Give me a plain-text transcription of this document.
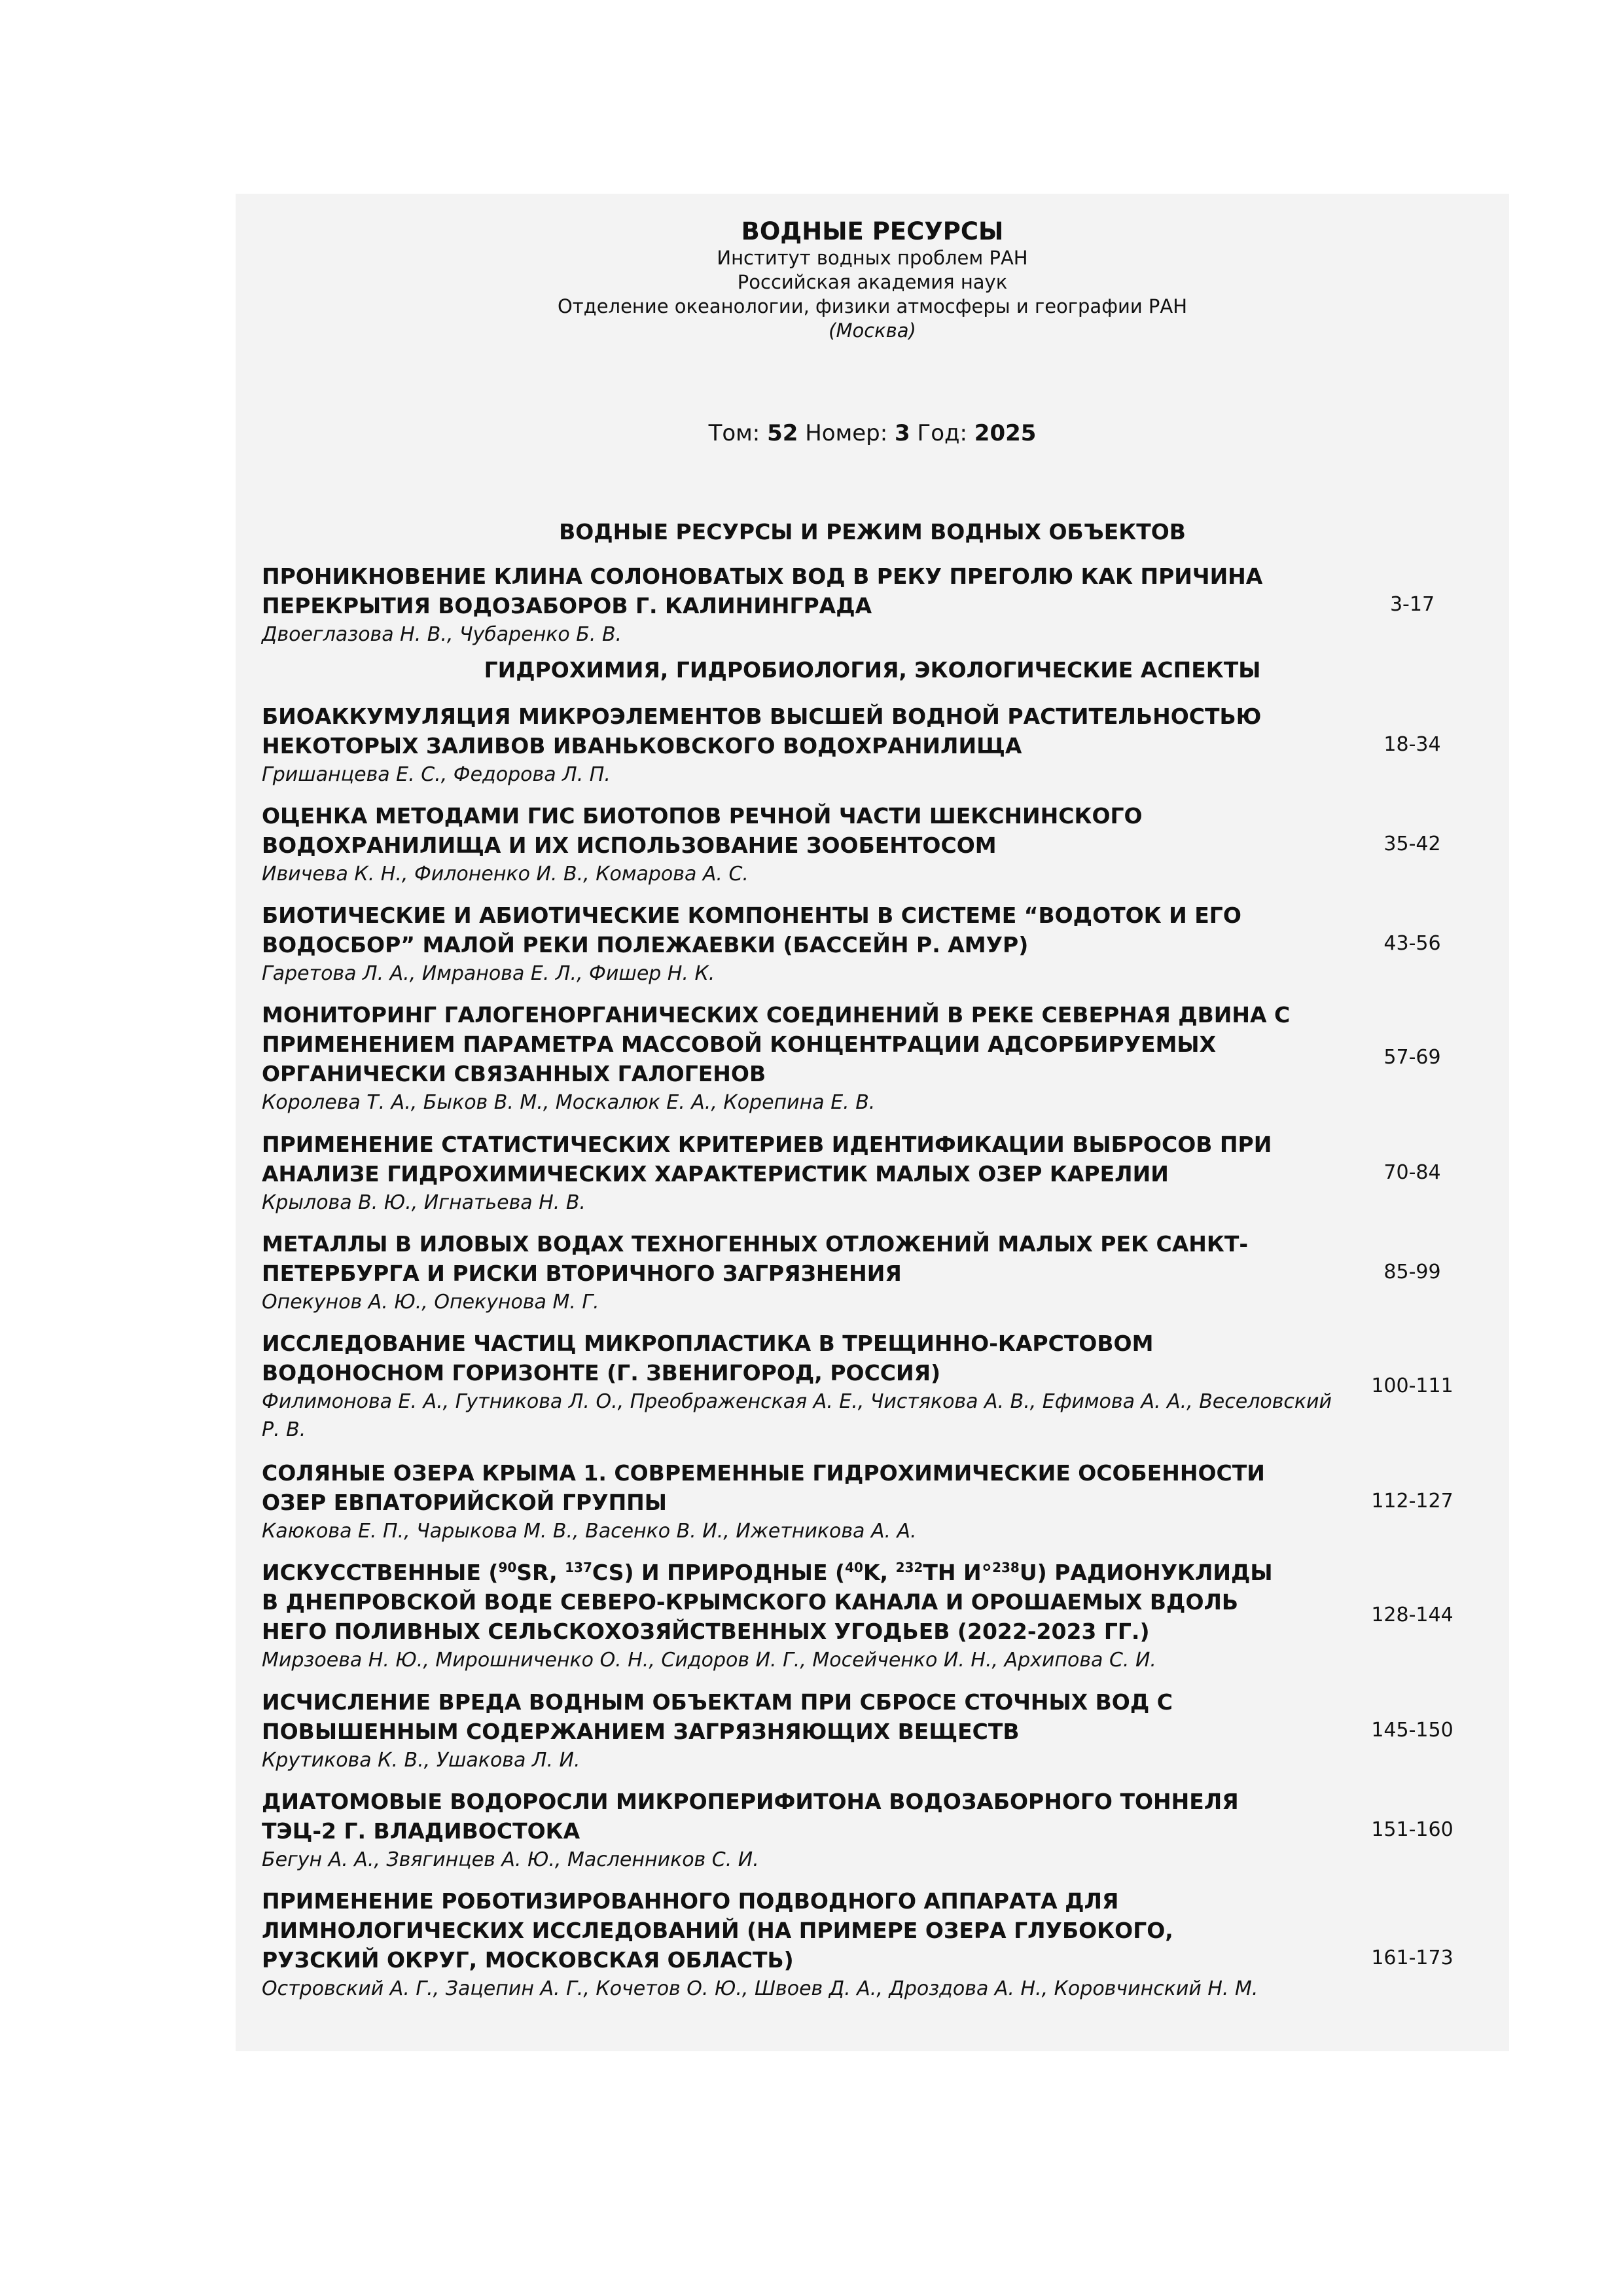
ВОДНЫЕ РЕСУРСЫ
Институт водных проблем РАН
Российская академия наук
Отделение океанологии, физики атмосферы и географии РАН
(Москва)
Том: 52 Номер: 3 Год: 2025
ВОДНЫЕ РЕСУРСЫ И РЕЖИМ ВОДНЫХ ОБЪЕКТОВ
ПРОНИКНОВЕНИЕ КЛИНА СОЛОНОВАТЫХ ВОД В РЕКУ ПРЕГОЛЮ КАК ПРИЧИНА ПЕРЕКРЫТИЯ ВОДОЗАБОРОВ Г. КАЛИНИНГРАДА
Двоеглазова Н. В., Чубаренко Б. В.
3-17
ГИДРОХИМИЯ, ГИДРОБИОЛОГИЯ, ЭКОЛОГИЧЕСКИЕ АСПЕКТЫ
БИОАККУМУЛЯЦИЯ МИКРОЭЛЕМЕНТОВ ВЫСШЕЙ ВОДНОЙ РАСТИТЕЛЬНОСТЬЮ НЕКОТОРЫХ ЗАЛИВОВ ИВАНЬКОВСКОГО ВОДОХРАНИЛИЩА
Гришанцева Е. С., Федорова Л. П.
18-34
ОЦЕНКА МЕТОДАМИ ГИС БИОТОПОВ РЕЧНОЙ ЧАСТИ ШЕКСНИНСКОГО ВОДОХРАНИЛИЩА И ИХ ИСПОЛЬЗОВАНИЕ ЗООБЕНТОСОМ
Ивичева К. Н., Филоненко И. В., Комарова А. С.
35-42
БИОТИЧЕСКИЕ И АБИОТИЧЕСКИЕ КОМПОНЕНТЫ В СИСТЕМЕ “ВОДОТОК И ЕГО ВОДОСБОР” МАЛОЙ РЕКИ ПОЛЕЖАЕВКИ (БАССЕЙН Р. АМУР)
Гаретова Л. А., Имранова Е. Л., Фишер Н. К.
43-56
МОНИТОРИНГ ГАЛОГЕНОРГАНИЧЕСКИХ СОЕДИНЕНИЙ В РЕКЕ СЕВЕРНАЯ ДВИНА С ПРИМЕНЕНИЕМ ПАРАМЕТРА МАССОВОЙ КОНЦЕНТРАЦИИ АДСОРБИРУЕМЫХ ОРГАНИЧЕСКИ СВЯЗАННЫХ ГАЛОГЕНОВ
Королева Т. А., Быков В. М., Москалюк Е. А., Корепина Е. В.
57-69
ПРИМЕНЕНИЕ СТАТИСТИЧЕСКИХ КРИТЕРИЕВ ИДЕНТИФИКАЦИИ ВЫБРОСОВ ПРИ АНАЛИЗЕ ГИДРОХИМИЧЕСКИХ ХАРАКТЕРИСТИК МАЛЫХ ОЗЕР КАРЕЛИИ
Крылова В. Ю., Игнатьева Н. В.
70-84
МЕТАЛЛЫ В ИЛОВЫХ ВОДАХ ТЕХНОГЕННЫХ ОТЛОЖЕНИЙ МАЛЫХ РЕК САНКТ-ПЕТЕРБУРГА И РИСКИ ВТОРИЧНОГО ЗАГРЯЗНЕНИЯ
Опекунов А. Ю., Опекунова М. Г.
85-99
ИССЛЕДОВАНИЕ ЧАСТИЦ МИКРОПЛАСТИКА В ТРЕЩИННО-КАРСТОВОМ ВОДОНОСНОМ ГОРИЗОНТЕ (Г. ЗВЕНИГОРОД, РОССИЯ)
Филимонова Е. А., Гутникова Л. О., Преображенская А. Е., Чистякова А. В., Ефимова А. А., Веселовский Р. В.
100-111
СОЛЯНЫЕ ОЗЕРА КРЫМА 1. СОВРЕМЕННЫЕ ГИДРОХИМИЧЕСКИЕ ОСОБЕННОСТИ ОЗЕР ЕВПАТОРИЙСКОЙ ГРУППЫ
Каюкова Е. П., Чарыкова М. В., Васенко В. И., Ижетникова А. А.
112-127
ИСКУССТВЕННЫЕ ($^{90}$SR, $^{137}$CS) И ПРИРОДНЫЕ ($^{40}$K, $^{232}$TH И°$^{238}$U) РАДИОНУКЛИДЫ В ДНЕПРОВСКОЙ ВОДЕ СЕВЕРО-КРЫМСКОГО КАНАЛА И ОРОШАЕМЫХ ВДОЛЬ НЕГО ПОЛИВНЫХ СЕЛЬСКОХОЗЯЙСТВЕННЫХ УГОДЬЕВ (2022-2023 ГГ.)
Мирзоева Н. Ю., Мирошниченко О. Н., Сидоров И. Г., Мосейченко И. Н., Архипова С. И.
128-144
ИСЧИСЛЕНИЕ ВРЕДА ВОДНЫМ ОБЪЕКТАМ ПРИ СБРОСЕ СТОЧНЫХ ВОД С ПОВЫШЕННЫМ СОДЕРЖАНИЕМ ЗАГРЯЗНЯЮЩИХ ВЕЩЕСТВ
Крутикова К. В., Ушакова Л. И.
145-150
ДИАТОМОВЫЕ ВОДОРОСЛИ МИКРОПЕРИФИТОНА ВОДОЗАБОРНОГО ТОННЕЛЯ ТЭЦ-2 Г. ВЛАДИВОСТОКА
Бегун А. А., Звягинцев А. Ю., Масленников С. И.
151-160
ПРИМЕНЕНИЕ РОБОТИЗИРОВАННОГО ПОДВОДНОГО АППАРАТА ДЛЯ ЛИМНОЛОГИЧЕСКИХ ИССЛЕДОВАНИЙ (НА ПРИМЕРЕ ОЗЕРА ГЛУБОКОГО, РУЗСКИЙ ОКРУГ, МОСКОВСКАЯ ОБЛАСТЬ)
Островский А. Г., Зацепин А. Г., Кочетов О. Ю., Швоев Д. А., Дроздова А. Н., Коровчинский Н. М.
161-173
